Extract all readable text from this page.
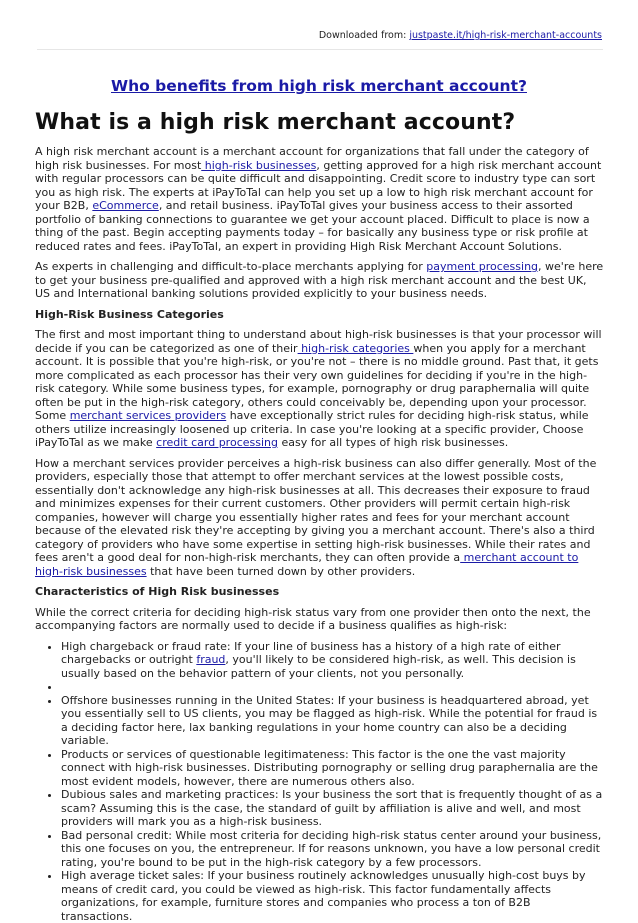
Downloaded from: justpaste.it/high-risk-merchant-accounts
Who benefits from high risk merchant account?
What is a high risk merchant account?

A high risk merchant account is a merchant account for organizations that fall under the category of high risk businesses. For most high-risk businesses, getting approved for a high risk merchant account with regular processors can be quite difficult and disappointing. Credit score to industry type can sort you as high risk. The experts at iPayToTal can help you set up a low to high risk merchant account for your B2B, eCommerce, and retail business. iPayToTal gives your business access to their assorted portfolio of banking connections to guarantee we get your account placed. Difficult to place is now a thing of the past. Begin accepting payments today – for basically any business type or risk profile at reduced rates and fees. iPayToTal, an expert in providing High Risk Merchant Account Solutions.

As experts in challenging and difficult-to-place merchants applying for payment processing, we're here to get your business pre-qualified and approved with a high risk merchant account and the best UK, US and International banking solutions provided explicitly to your business needs.

High-Risk Business Categories

The first and most important thing to understand about high-risk businesses is that your processor will decide if you can be categorized as one of their high-risk categories when you apply for a merchant account. It is possible that you're high-risk, or you're not – there is no middle ground. Past that, it gets more complicated as each processor has their very own guidelines for deciding if you're in the high-risk category. While some business types, for example, pornography or drug paraphernalia will quite often be put in the high-risk category, others could conceivably be, depending upon your processor. Some merchant services providers have exceptionally strict rules for deciding high-risk status, while others utilize increasingly loosened up criteria. In case you're looking at a specific provider, Choose iPayToTal as we make credit card processing easy for all types of high risk businesses.

How a merchant services provider perceives a high-risk business can also differ generally. Most of the providers, especially those that attempt to offer merchant services at the lowest possible costs, essentially don't acknowledge any high-risk businesses at all. This decreases their exposure to fraud and minimizes expenses for their current customers. Other providers will permit certain high-risk companies, however will charge you essentially higher rates and fees for your merchant account because of the elevated risk they're accepting by giving you a merchant account. There's also a third category of providers who have some expertise in setting high-risk businesses. While their rates and fees aren't a good deal for non-high-risk merchants, they can often provide a merchant account to high-risk businesses that have been turned down by other providers.

Characteristics of High Risk businesses

While the correct criteria for deciding high-risk status vary from one provider then onto the next, the accompanying factors are normally used to decide if a business qualifies as high-risk:

• High chargeback or fraud rate: If your line of business has a history of a high rate of either chargebacks or outright fraud, you'll likely to be considered high-risk, as well. This decision is usually based on the behavior pattern of your clients, not you personally.
•
• Offshore businesses running in the United States: If your business is headquartered abroad, yet you essentially sell to US clients, you may be flagged as high-risk. While the potential for fraud is a deciding factor here, lax banking regulations in your home country can also be a deciding variable.
• Products or services of questionable legitimateness: This factor is the one the vast majority connect with high-risk businesses. Distributing pornography or selling drug paraphernalia are the most evident models, however, there are numerous others also.
• Dubious sales and marketing practices: Is your business the sort that is frequently thought of as a scam? Assuming this is the case, the standard of guilt by affiliation is alive and well, and most providers will mark you as a high-risk business.
• Bad personal credit: While most criteria for deciding high-risk status center around your business, this one focuses on you, the entrepreneur. If for reasons unknown, you have a low personal credit rating, you're bound to be put in the high-risk category by a few processors.
• High average ticket sales: If your business routinely acknowledges unusually high-cost buys by means of credit card, you could be viewed as high-risk. This factor fundamentally affects organizations, for example, furniture stores and companies who process a ton of B2B transactions.
